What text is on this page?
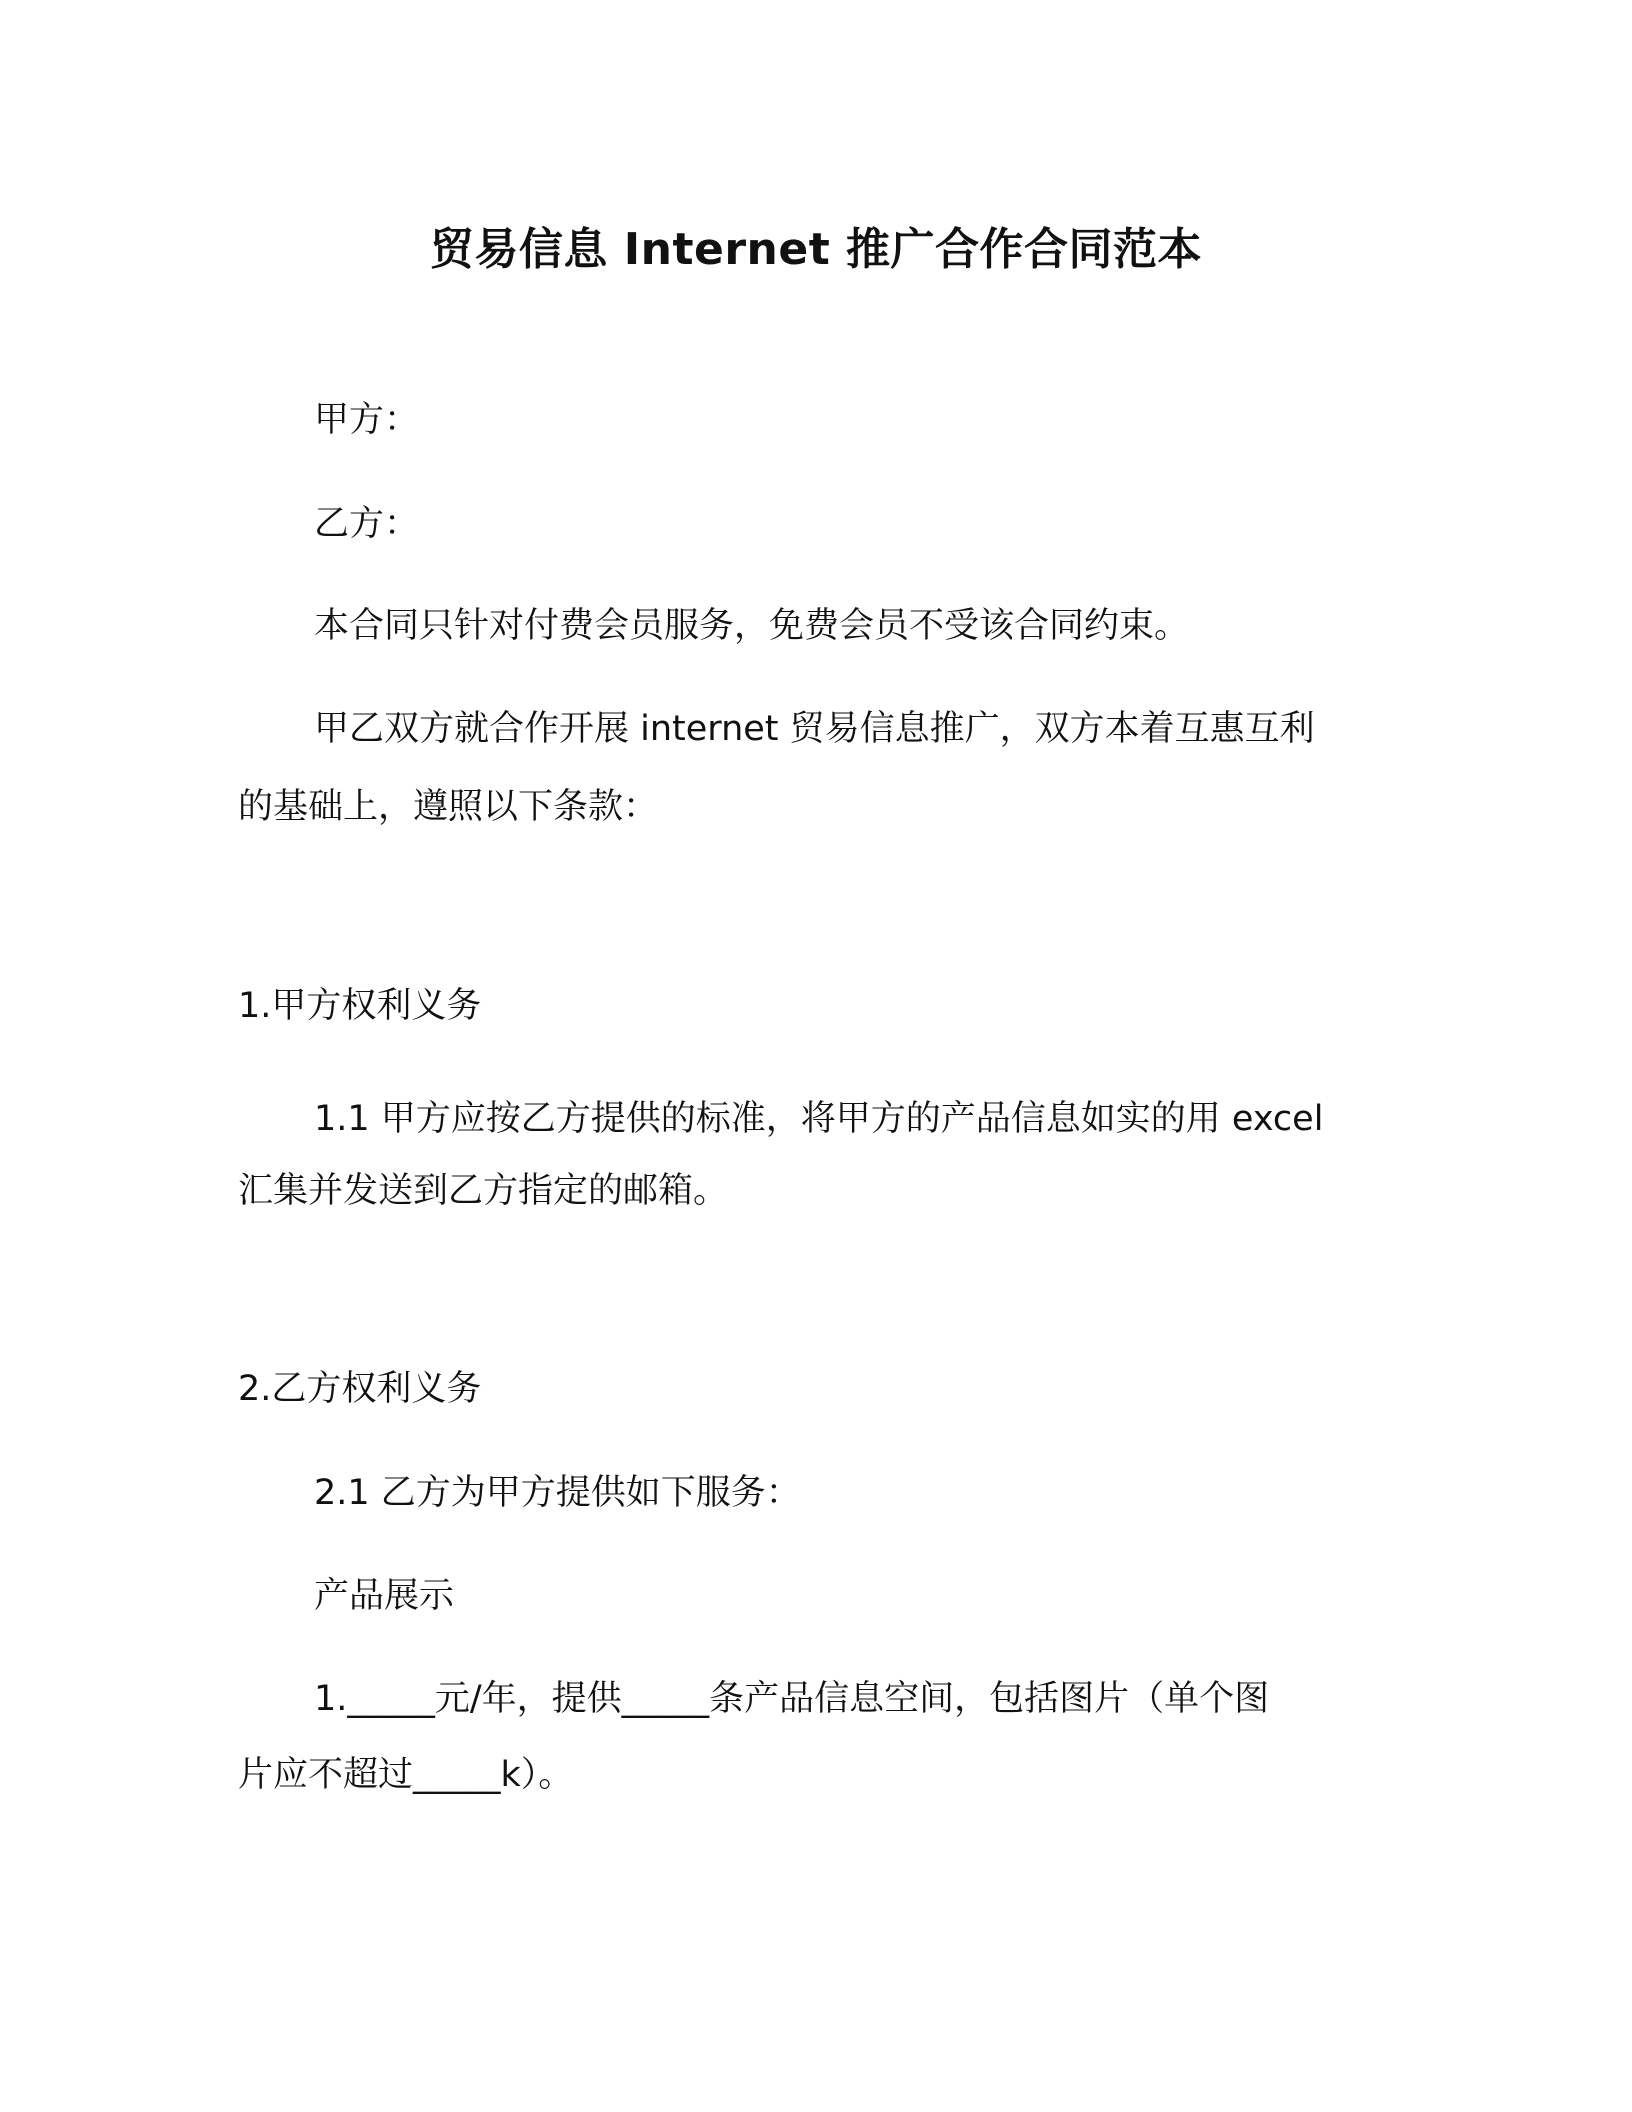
贸易信息 Internet 推广合作合同范本
甲方：
乙方：
本合同只针对付费会员服务，免费会员不受该合同约束。
甲乙双方就合作开展 internet 贸易信息推广，双方本着互惠互利
的基础上，遵照以下条款：
1.甲方权利义务
1.1 甲方应按乙方提供的标准，将甲方的产品信息如实的用 excel
汇集并发送到乙方指定的邮箱。
2.乙方权利义务
2.1 乙方为甲方提供如下服务：
产品展示
1._____元/年，提供_____条产品信息空间，包括图片（单个图
片应不超过_____k）。
